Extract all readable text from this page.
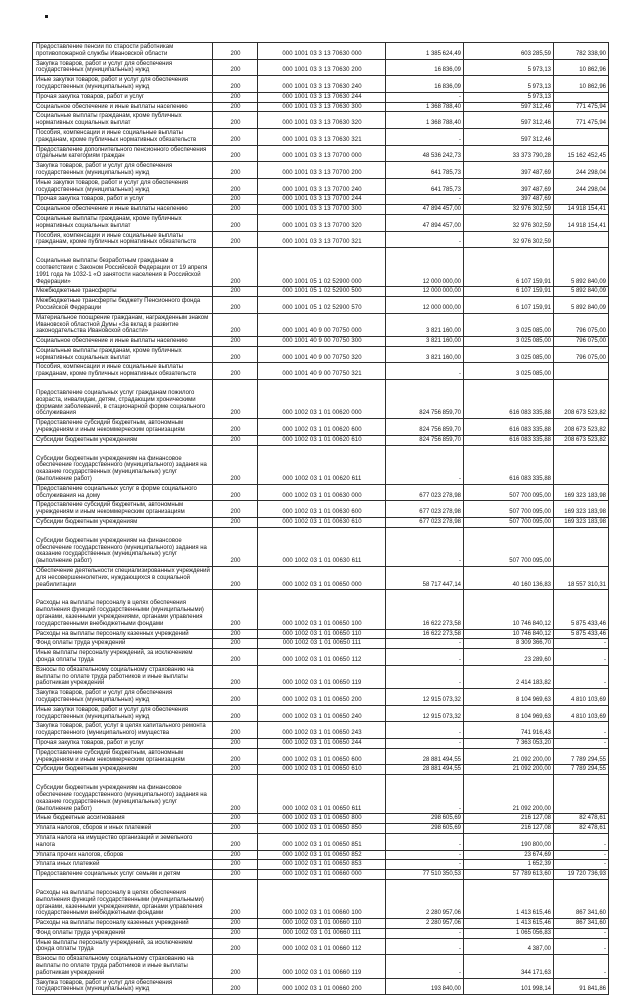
Предоставление пенсии по старости работникам противопожарной службы Ивановской области	200	000 1001 03 3 13 70630 000	1 385 624,49	603 285,59	782 338,90
Закупка товаров, работ и услуг для обеспечения государственных (муниципальных) нужд	200	000 1001 03 3 13 70630 200	16 836,09	5 973,13	10 862,96
Иные закупки товаров, работ и услуг для обеспечения государственных (муниципальных) нужд	200	000 1001 03 3 13 70630 240	16 836,09	5 973,13	10 862,96
Прочая закупка товаров, работ и услуг	200	000 1001 03 3 13 70630 244	-	5 973,13	
Социальное обеспечение и иные выплаты населению	200	000 1001 03 3 13 70630 300	1 368 788,40	597 312,46	771 475,94
Социальные выплаты гражданам, кроме публичных нормативных социальных выплат	200	000 1001 03 3 13 70630 320	1 368 788,40	597 312,46	771 475,94
Пособия, компенсации и иные социальные выплаты гражданам, кроме публичных нормативных обязательств	200	000 1001 03 3 13 70630 321	-	597 312,46	
Предоставление дополнительного пенсионного обеспечения отдельным категориям граждан	200	000 1001 03 3 13 70700 000	48 536 242,73	33 373 790,28	15 162 452,45
Закупка товаров, работ и услуг для обеспечения государственных (муниципальных) нужд	200	000 1001 03 3 13 70700 200	641 785,73	397 487,69	244 298,04
Иные закупки товаров, работ и услуг для обеспечения государственных (муниципальных) нужд	200	000 1001 03 3 13 70700 240	641 785,73	397 487,69	244 298,04
Прочая закупка товаров, работ и услуг	200	000 1001 03 3 13 70700 244	-	397 487,69	
Социальное обеспечение и иные выплаты населению	200	000 1001 03 3 13 70700 300	47 894 457,00	32 976 302,59	14 918 154,41
Социальные выплаты гражданам, кроме публичных нормативных социальных выплат	200	000 1001 03 3 13 70700 320	47 894 457,00	32 976 302,59	14 918 154,41
Пособия, компенсации и иные социальные выплаты гражданам, кроме публичных нормативных обязательств	200	000 1001 03 3 13 70700 321	-	32 976 302,59	
Социальные выплаты безработным гражданам в соответствии с Законом Российской Федерации от 19 апреля 1991 года № 1032-1 «О занятости населения в Российской Федерации»	200	000 1001 05 1 02 52900 000	12 000 000,00	6 107 159,91	5 892 840,09
Межбюджетные трансферты	200	000 1001 05 1 02 52900 500	12 000 000,00	6 107 159,91	5 892 840,09
Межбюджетные трансферты бюджету Пенсионного фонда Российской Федерации	200	000 1001 05 1 02 52900 570	12 000 000,00	6 107 159,91	5 892 840,09
Материальное поощрение гражданам, награжденным знаком Ивановской областной Думы «За вклад в развитие законодательства Ивановской области»	200	000 1001 40 9 00 70750 000	3 821 160,00	3 025 085,00	796 075,00
Социальное обеспечение и иные выплаты населению	200	000 1001 40 9 00 70750 300	3 821 160,00	3 025 085,00	796 075,00
Социальные выплаты гражданам, кроме публичных нормативных социальных выплат	200	000 1001 40 9 00 70750 320	3 821 160,00	3 025 085,00	796 075,00
Пособия, компенсации и иные социальные выплаты гражданам, кроме публичных нормативных обязательств	200	000 1001 40 9 00 70750 321	-	3 025 085,00	
Предоставление социальных услуг гражданам пожилого возраста, инвалидам, детям, страдающим хроническими формами заболеваний, в стационарной форме социального обслуживания	200	000 1002 03 1 01 00620 000	824 756 859,70	616 083 335,88	208 673 523,82
Предоставление субсидий бюджетным, автономным учреждениям и иным некоммерческим организациям	200	000 1002 03 1 01 00620 600	824 756 859,70	616 083 335,88	208 673 523,82
Субсидии бюджетным учреждениям	200	000 1002 03 1 01 00620 610	824 756 859,70	616 083 335,88	208 673 523,82
Субсидии бюджетным учреждениям на финансовое обеспечение государственного (муниципального) задания на оказание государственных (муниципальных) услуг (выполнение работ)	200	000 1002 03 1 01 00620 611	-	616 083 335,88	
Предоставление социальных услуг в форме социального обслуживания на дому	200	000 1002 03 1 01 00630 000	677 023 278,98	507 700 095,00	169 323 183,98
Предоставление субсидий бюджетным, автономным учреждениям и иным некоммерческим организациям	200	000 1002 03 1 01 00630 600	677 023 278,98	507 700 095,00	169 323 183,98
Субсидии бюджетным учреждениям	200	000 1002 03 1 01 00630 610	677 023 278,98	507 700 095,00	169 323 183,98
Субсидии бюджетным учреждениям на финансовое обеспечение государственного (муниципального) задания на оказание государственных (муниципальных) услуг (выполнение работ)	200	000 1002 03 1 01 00630 611	-	507 700 095,00	
Обеспечение деятельности специализированных учреждений для несовершеннолетних, нуждающихся в социальной реабилитации	200	000 1002 03 1 01 00650 000	58 717 447,14	40 160 136,83	18 557 310,31
Расходы на выплаты персоналу в целях обеспечения выполнения функций государственными (муниципальными) органами, казенными учреждениями, органами управления государственными внебюджетными фондами	200	000 1002 03 1 01 00650 100	16 622 273,58	10 746 840,12	5 875 433,46
Расходы на выплаты персоналу казенных учреждений	200	000 1002 03 1 01 00650 110	16 622 273,58	10 746 840,12	5 875 433,46
Фонд оплаты труда учреждений	200	000 1002 03 1 01 00650 111	-	8 309 366,70	-
Иные выплаты персоналу учреждений, за исключением фонда оплаты труда	200	000 1002 03 1 01 00650 112	-	23 289,60	-
Взносы по обязательному социальному страхованию на выплаты по оплате труда работников и иные выплаты работникам учреждений	200	000 1002 03 1 01 00650 119	-	2 414 183,82	-
Закупка товаров, работ и услуг для обеспечения государственных (муниципальных) нужд	200	000 1002 03 1 01 00650 200	12 915 073,32	8 104 969,63	4 810 103,69
Иные закупки товаров, работ и услуг для обеспечения государственных (муниципальных) нужд	200	000 1002 03 1 01 00650 240	12 915 073,32	8 104 969,63	4 810 103,69
Закупка товаров, работ, услуг в целях капитального ремонта государственного (муниципального) имущества	200	000 1002 03 1 01 00650 243	-	741 916,43	-
Прочая закупка товаров, работ и услуг	200	000 1002 03 1 01 00650 244	-	7 363 053,20	-
Предоставление субсидий бюджетным, автономным учреждениям и иным некоммерческим организациям	200	000 1002 03 1 01 00650 600	28 881 494,55	21 092 200,00	7 789 294,55
Субсидии бюджетным учреждениям	200	000 1002 03 1 01 00650 610	28 881 494,55	21 092 200,00	7 789 294,55
Субсидии бюджетным учреждениям на финансовое обеспечение государственного (муниципального) задания на оказание государственных (муниципальных) услуг (выполнение работ)	200	000 1002 03 1 01 00650 611	-	21 092 200,00	
Иные бюджетные ассигнования	200	000 1002 03 1 01 00650 800	298 605,69	216 127,08	82 478,61
Уплата налогов, сборов и иных платежей	200	000 1002 03 1 01 00650 850	298 605,69	216 127,08	82 478,61
Уплата налога на имущество организаций и земельного налога	200	000 1002 03 1 01 00650 851	-	190 800,00	-
Уплата прочих налогов, сборов	200	000 1002 03 1 01 00650 852	-	23 674,69	-
Уплата иных платежей	200	000 1002 03 1 01 00650 853	-	1 652,39	-
Предоставление социальных услуг семьям и детям	200	000 1002 03 1 01 00660 000	77 510 350,53	57 789 613,60	19 720 736,93
Расходы на выплаты персоналу в целях обеспечения выполнения функций государственными (муниципальными) органами, казенными учреждениями, органами управления государственными внебюджетными фондами	200	000 1002 03 1 01 00660 100	2 280 957,06	1 413 615,46	867 341,60
Расходы на выплаты персоналу казенных учреждений	200	000 1002 03 1 01 00660 110	2 280 957,06	1 413 615,46	867 341,60
Фонд оплаты труда учреждений	200	000 1002 03 1 01 00660 111	-	1 065 056,83	-
Иные выплаты персоналу учреждений, за исключением фонда оплаты труда	200	000 1002 03 1 01 00660 112	-	4 387,00	-
Взносы по обязательному социальному страхованию на выплаты по оплате труда работников и иные выплаты работникам учреждений	200	000 1002 03 1 01 00660 119	-	344 171,63	-
Закупка товаров, работ и услуг для обеспечения государственных (муниципальных) нужд	200	000 1002 03 1 01 00660 200	193 840,00	101 998,14	91 841,86
